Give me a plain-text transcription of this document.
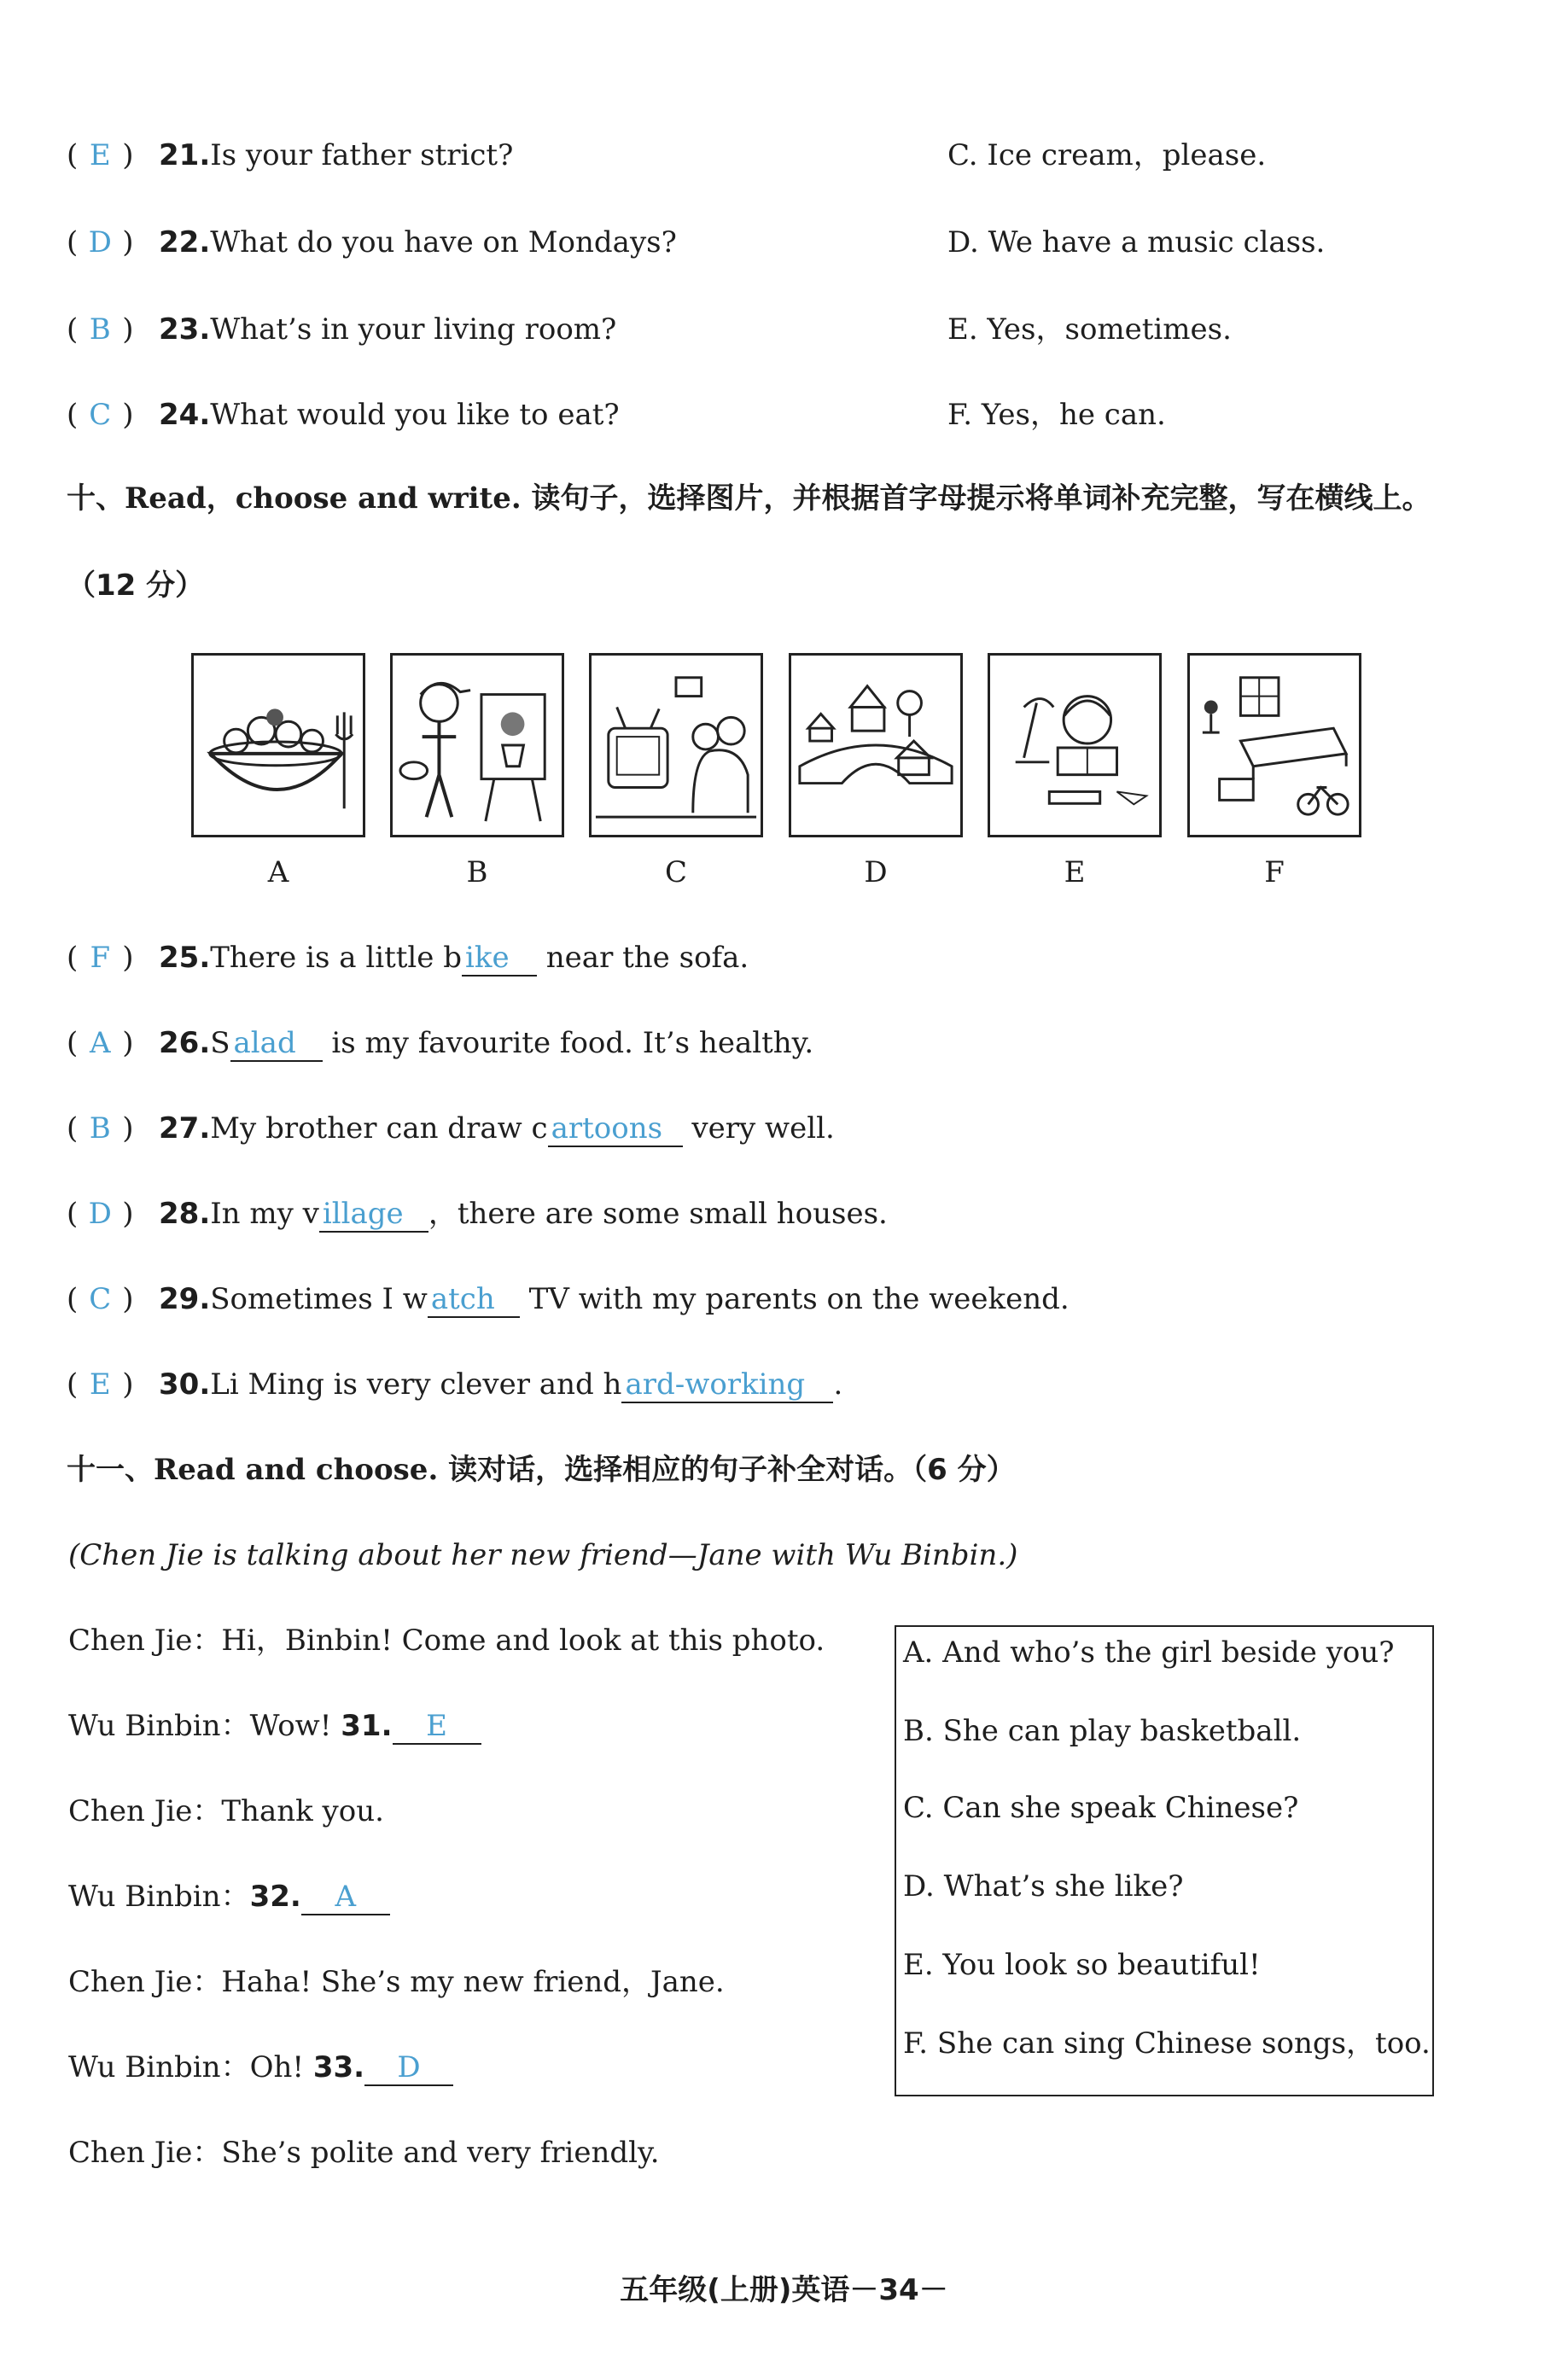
( E ) 21.Is your father strict?
( D ) 22.What do you have on Mondays?
( B ) 23.What’s in your living room?
( C ) 24.What would you like to eat?
C. Ice cream，please.
D. We have a music class.
E. Yes，sometimes.
F. Yes，he can.
十、Read，choose and write. 读句子，选择图片，并根据首字母提示将单词补充完整，写在横线上。
（12 分）
A	B	C	D	E	F
( F ) 25.There is a little b ike near the sofa.
( A ) 26.S alad is my favourite food. It’s healthy.
( B ) 27.My brother can draw c artoons very well.
( D ) 28.In my v illage ，there are some small houses.
( C ) 29.Sometimes I w atch TV with my parents on the weekend.
( E ) 30.Li Ming is very clever and h ard-working .
十一、Read and choose. 读对话，选择相应的句子补全对话。（6 分）
(Chen Jie is talking about her new friend—Jane with Wu Binbin.)
Chen Jie：Hi，Binbin! Come and look at this photo.
Wu Binbin：Wow! 31. E
Chen Jie：Thank you.
Wu Binbin：32. A
Chen Jie：Haha! She’s my new friend，Jane.
Wu Binbin：Oh! 33. D
Chen Jie：She’s polite and very friendly.
A. And who’s the girl beside you?
B. She can play basketball.
C. Can she speak Chinese?
D. What’s she like?
E. You look so beautiful!
F. She can sing Chinese songs，too.
五年级(上册)英语－34－
